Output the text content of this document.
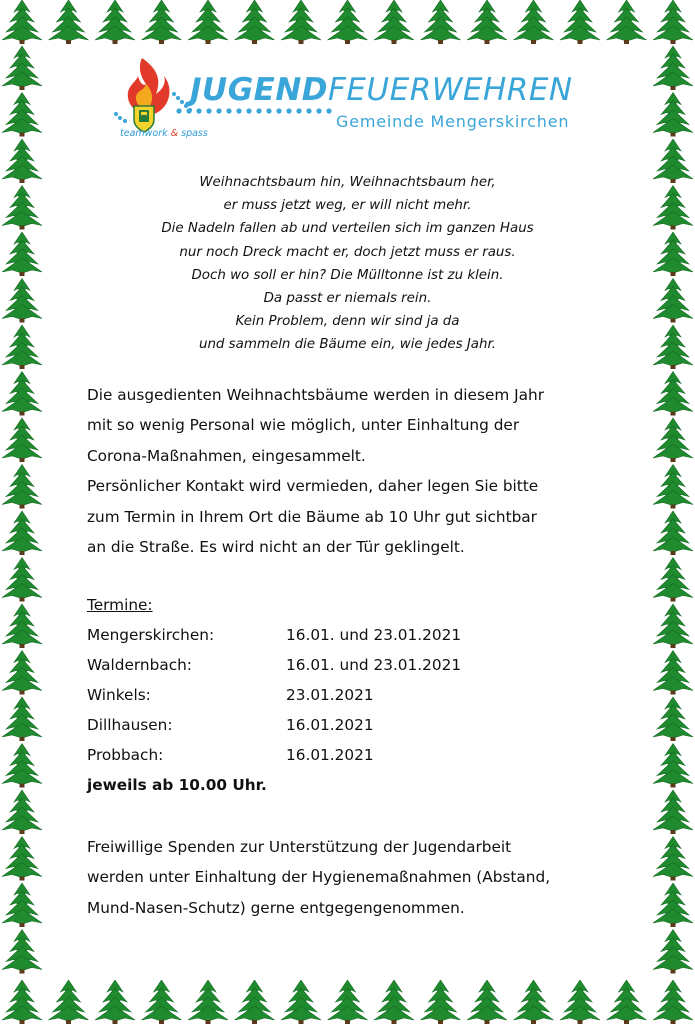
JUGENDFEUERWEHREN
Gemeinde Mengerskirchen
teamwork & spass
Weihnachtsbaum hin, Weihnachtsbaum her,
er muss jetzt weg, er will nicht mehr.
Die Nadeln fallen ab und verteilen sich im ganzen Haus
nur noch Dreck macht er, doch jetzt muss er raus.
Doch wo soll er hin? Die Mülltonne ist zu klein.
Da passt er niemals rein.
Kein Problem, denn wir sind ja da
und sammeln die Bäume ein, wie jedes Jahr.
Die ausgedienten Weihnachtsbäume werden in diesem Jahr
mit so wenig Personal wie möglich, unter Einhaltung der
Corona-Maßnahmen, eingesammelt.
Persönlicher Kontakt wird vermieden, daher legen Sie bitte
zum Termin in Ihrem Ort die Bäume ab 10 Uhr gut sichtbar
an die Straße. Es wird nicht an der Tür geklingelt.
Termine:
Mengerskirchen:	16.01. und 23.01.2021
Waldernbach:	16.01. und 23.01.2021
Winkels:	23.01.2021
Dillhausen:	16.01.2021
Probbach:	16.01.2021
jeweils ab 10.00 Uhr.
Freiwillige Spenden zur Unterstützung der Jugendarbeit
werden unter Einhaltung der Hygienemaßnahmen (Abstand,
Mund-Nasen-Schutz) gerne entgegengenommen.
